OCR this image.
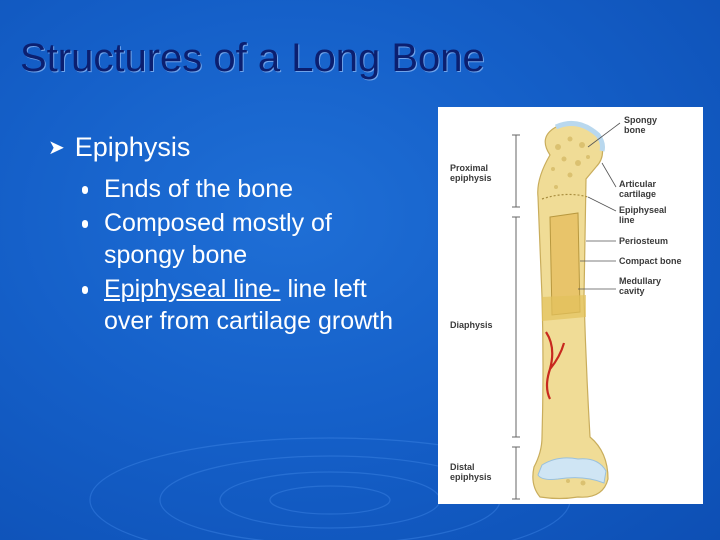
Structures of a Long Bone
➤ Epiphysis
Ends of the bone
Composed mostly of spongy bone
Epiphyseal line- line left over from cartilage growth
Spongy
bone
Proximal
epiphysis
Articular
cartilage
Epiphyseal
line
Periosteum
Compact bone
Medullary
cavity
Diaphysis
Distal
epiphysis
